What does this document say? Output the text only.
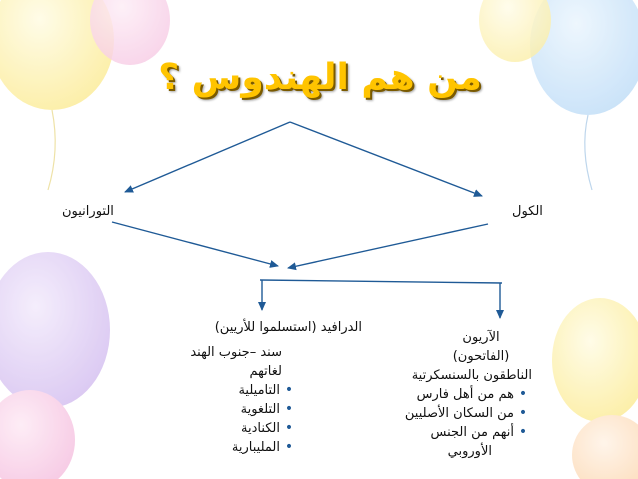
من هم الهندوس ؟
التورانيون	الكول
الدرافيد (استسلموا للأريين)
سند –جنوب الهند
لغاتهم
•التاميلية
•التلغوية
•الكنادية
•المليبارية
الآريون
(الفاتحون)
الناطقون بالسنسكرتية
•هم من أهل فارس
•من السكان الأصليين
•أنهم من الجنس
الأوروبي
